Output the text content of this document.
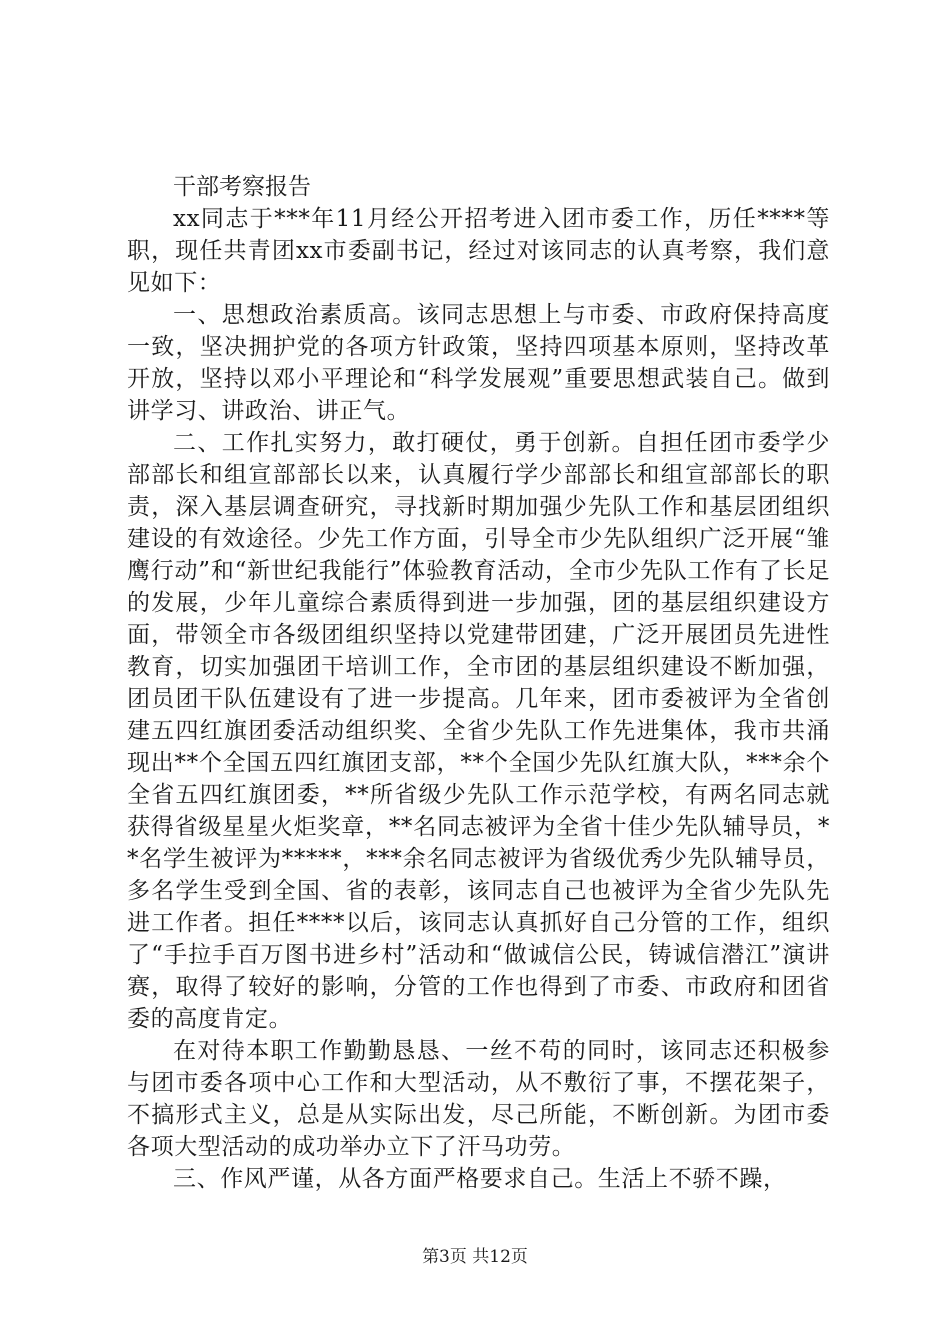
干部考察报告

xx同志于***年11月经公开招考进入团市委工作，历任****等职，现任共青团xx市委副书记，经过对该同志的认真考察，我们意见如下：

一、思想政治素质高。该同志思想上与市委、市政府保持高度一致，坚决拥护党的各项方针政策，坚持四项基本原则，坚持改革开放，坚持以邓小平理论和“科学发展观”重要思想武装自己。做到讲学习、讲政治、讲正气。

二、工作扎实努力，敢打硬仗，勇于创新。自担任团市委学少部部长和组宣部部长以来，认真履行学少部部长和组宣部部长的职责，深入基层调查研究，寻找新时期加强少先队工作和基层团组织建设的有效途径。少先工作方面，引导全市少先队组织广泛开展“雏鹰行动”和“新世纪我能行”体验教育活动，全市少先队工作有了长足的发展，少年儿童综合素质得到进一步加强，团的基层组织建设方面，带领全市各级团组织坚持以党建带团建，广泛开展团员先进性教育，切实加强团干培训工作，全市团的基层组织建设不断加强，团员团干队伍建设有了进一步提高。几年来，团市委被评为全省创建五四红旗团委活动组织奖、全省少先队工作先进集体，我市共涌现出**个全国五四红旗团支部，**个全国少先队红旗大队，***余个全省五四红旗团委，**所省级少先队工作示范学校，有两名同志就获得省级星星火炬奖章，**名同志被评为全省十佳少先队辅导员，**名学生被评为*****，***余名同志被评为省级优秀少先队辅导员，多名学生受到全国、省的表彰，该同志自己也被评为全省少先队先进工作者。担任****以后，该同志认真抓好自己分管的工作，组织了“手拉手百万图书进乡村”活动和“做诚信公民，铸诚信潜江”演讲赛，取得了较好的影响，分管的工作也得到了市委、市政府和团省委的高度肯定。

在对待本职工作勤勤恳恳、一丝不苟的同时，该同志还积极参与团市委各项中心工作和大型活动，从不敷衍了事，不摆花架子，不搞形式主义，总是从实际出发，尽己所能，不断创新。为团市委各项大型活动的成功举办立下了汗马功劳。

三、作风严谨，从各方面严格要求自己。生活上不骄不躁，

第3页 共12页
